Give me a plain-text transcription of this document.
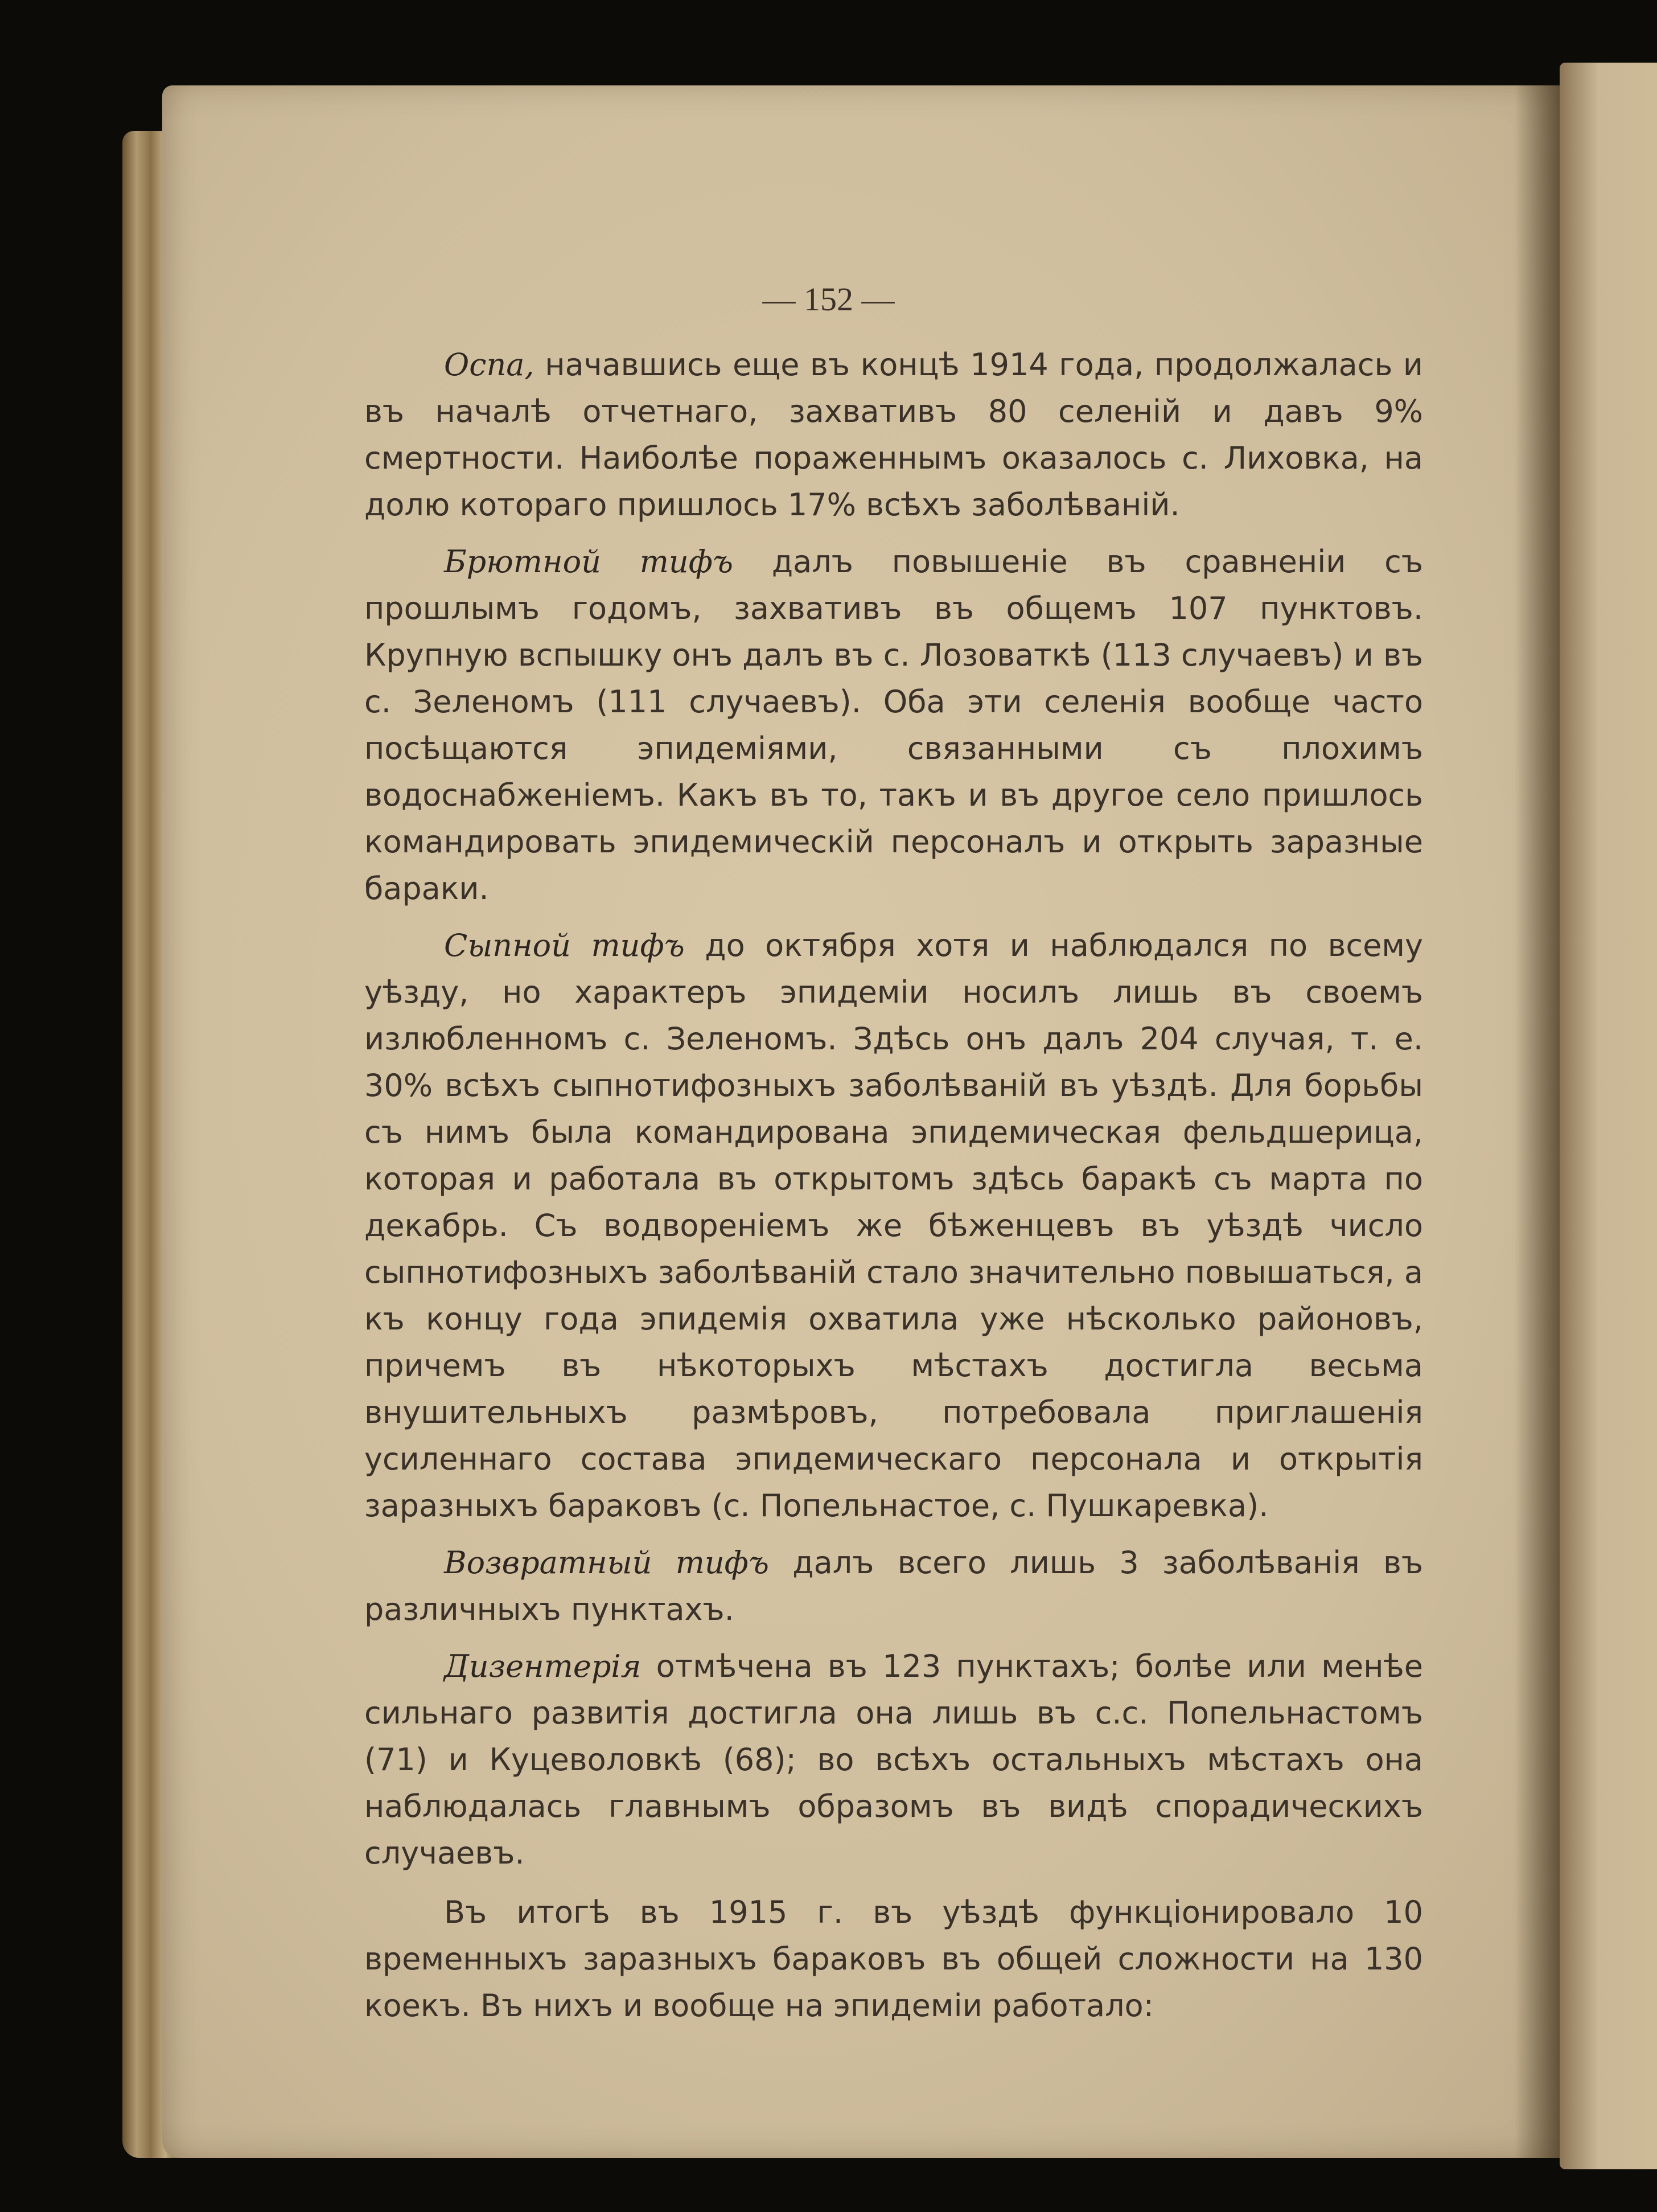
— 152 —

Оспа, начавшись еще въ концѣ 1914 года, продолжалась и въ началѣ отчетнаго, захвативъ 80 селенiй и давъ 9% смертности. Наиболѣе пораженнымъ оказалось с. Лиховка, на долю котораго пришлось 17% всѣхъ заболѣванiй.

Брютной тифъ далъ повышенiе въ сравненiи съ прошлымъ годомъ, захвативъ въ общемъ 107 пунктовъ. Крупную вспышку онъ далъ въ с. Лозоваткѣ (113 случаевъ) и въ с. Зеленомъ (111 случаевъ). Оба эти селенiя вообще часто посѣщаются эпидемiями, связанными съ плохимъ водоснабженiемъ. Какъ въ то, такъ и въ другое село пришлось командировать эпидемическiй персоналъ и открыть заразные бараки.

Сыпной тифъ до октября хотя и наблюдался по всему уѣзду, но характеръ эпидемiи носилъ лишь въ своемъ излюбленномъ с. Зеленомъ. Здѣсь онъ далъ 204 случая, т. е. 30% всѣхъ сыпнотифозныхъ заболѣванiй въ уѣздѣ. Для борьбы съ нимъ была командирована эпидемическая фельдшерица, которая и работала въ открытомъ здѣсь баракѣ съ марта по декабрь. Съ водворенiемъ же бѣженцевъ въ уѣздѣ число сыпнотифозныхъ заболѣванiй стало значительно повышаться, а къ концу года эпидемiя охватила уже нѣсколько районовъ, причемъ въ нѣкоторыхъ мѣстахъ достигла весьма внушительныхъ размѣровъ, потребовала приглашенiя усиленнаго состава эпидемическаго персонала и открытiя заразныхъ бараковъ (с. Попельнастое, с. Пушкаревка).

Возвратный тифъ далъ всего лишь 3 заболѣванiя въ различныхъ пунктахъ.

Дизентерiя отмѣчена въ 123 пунктахъ; болѣе или менѣе сильнаго развитiя достигла она лишь въ с.с. Попельнастомъ (71) и Куцеволовкѣ (68); во всѣхъ остальныхъ мѣстахъ она наблюдалась главнымъ образомъ въ видѣ спорадическихъ случаевъ.

Въ итогѣ въ 1915 г. въ уѣздѣ функцiонировало 10 временныхъ заразныхъ бараковъ въ общей сложности на 130 коекъ. Въ нихъ и вообще на эпидемiи работало:
